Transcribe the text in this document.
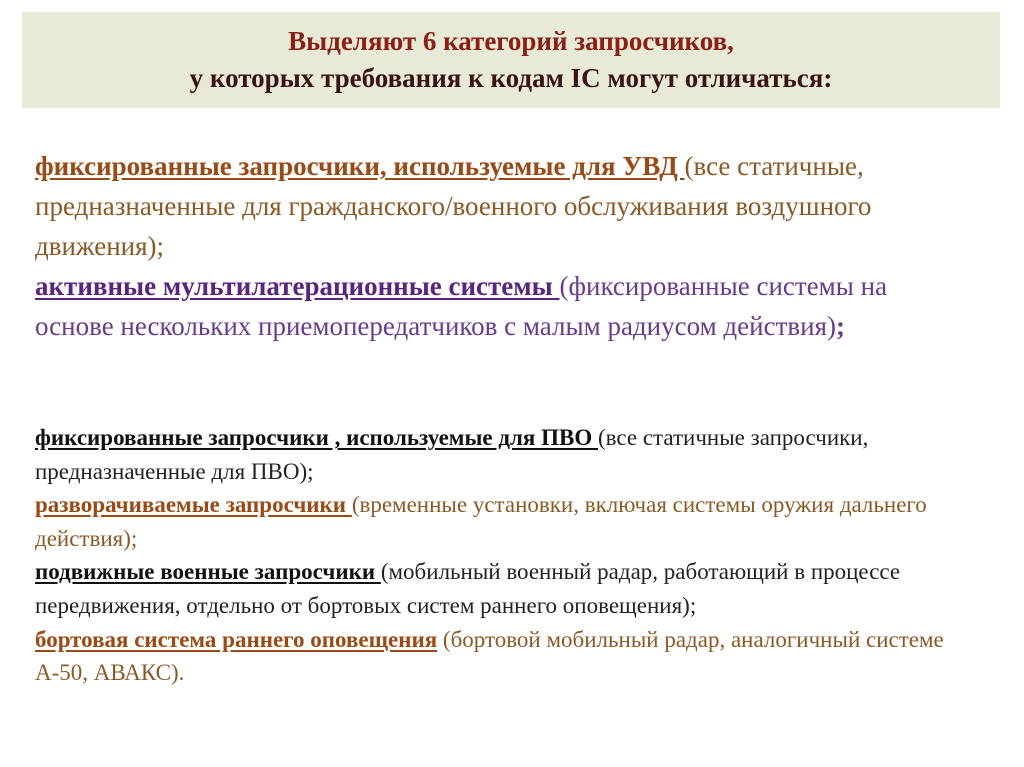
Выделяют 6 категорий запросчиков,
у которых требования к кодам IC могут отличаться:
фиксированные запросчики, используемые для УВД (все статичные, предназначенные для гражданского/военного обслуживания воздушного движения);
активные мультилатерационные системы (фиксированные системы на основе нескольких приемопередатчиков с малым радиусом действия);
фиксированные запросчики , используемые для ПВО (все статичные запросчики, предназначенные для ПВО);
разворачиваемые запросчики (временные установки, включая системы оружия дальнего действия);
подвижные военные запросчики (мобильный военный радар, работающий в процессе передвижения, отдельно от бортовых систем раннего оповещения);
бортовая система раннего оповещения (бортовой мобильный радар, аналогичный системе А-50, АВАКС).
